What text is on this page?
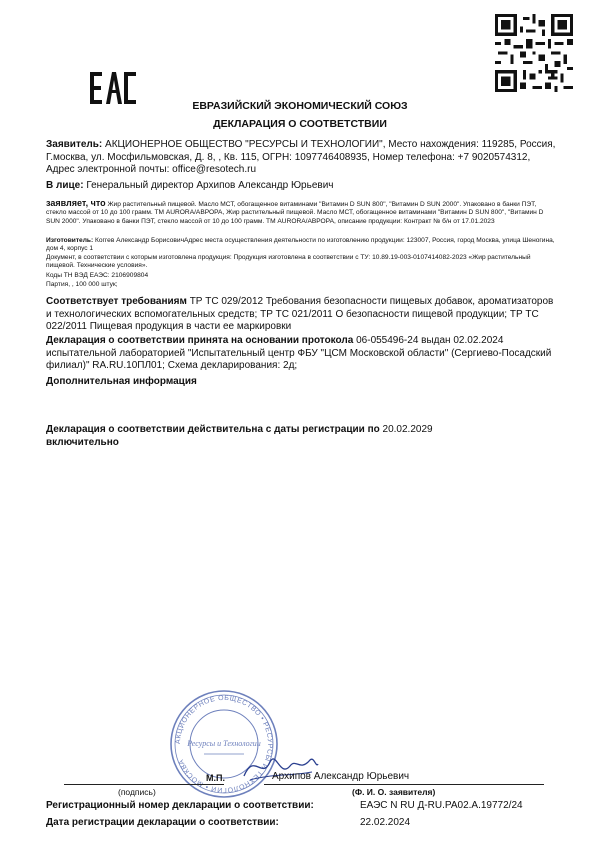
ЕВРАЗИЙСКИЙ ЭКОНОМИЧЕСКИЙ СОЮЗ
ДЕКЛАРАЦИЯ О СООТВЕТСТВИИ
Заявитель: АКЦИОНЕРНОЕ ОБЩЕСТВО "РЕСУРСЫ И ТЕХНОЛОГИИ", Место нахождения: 119285, Россия, Г.москва, ул. Мосфильмовская, Д. 8, , Кв. 115, ОГРН: 1097746408935, Номер телефона: +7 9020574312, Адрес электронной почты: office@resotech.ru
В лице: Генеральный директор Архипов Александр Юрьевич
заявляет, что Жир растительный пищевой. Масло МСТ, обогащенное витаминами "Витамин D SUN 800", "Витамин D SUN 2000". Упаковано в банки ПЭТ, стекло массой от 10 до 100 грамм. ТМ AURORA/АВРОРА, Жир растительный пищевой. Масло МСТ, обогащенное витаминами "Витамин D SUN 800", "Витамин D SUN 2000". Упаковано в банки ПЭТ, стекло массой от 10 до 100 грамм. ТМ AURORA/АВРОРА, описание продукции: Контракт № б/н от 17.01.2023
Изготовитель: Коггев Александр БорисовичАдрес места осуществления деятельности по изготовлению продукции: 123007, Россия, город Москва, улица Шеногина, дом 4, корпус 1
Документ, в соответствии с которым изготовлена продукция: Продукция изготовлена в соответствии с ТУ: 10.89.19-003-0107414082-2023 «Жир растительный пищевой. Технические условия».
Коды ТН ВЭД ЕАЭС: 2106909804
Партия, , 100 000 штук;
Соответствует требованиям ТР ТС 029/2012 Требования безопасности пищевых добавок, ароматизаторов и технологических вспомогательных средств; ТР ТС 021/2011 О безопасности пищевой продукции; ТР ТС 022/2011 Пищевая продукция в части ее маркировки
Декларация о соответствии принята на основании протокола 06-055496-24 выдан 02.02.2024 испытательной лабораторией "Испытательный центр ФБУ "ЦСМ Московской области" (Сергиево-Посадский филиал)" RA.RU.10ПЛ01; Схема декларирования: 2д;
Дополнительная информация
Декларация о соответствии действительна с даты регистрации по 20.02.2029
включительно
АКЦИОНЕРНОЕ ОБЩЕСТВО • РЕСУРСЫ И ТЕХНОЛОГИИ • МОСКВА
Ресурсы и Технологии
М.П.	Архипов Александр Юрьевич
(подпись)	(Ф. И. О. заявителя)
Регистрационный номер декларации о соответствии:	ЕАЭС N RU Д-RU.РА02.А.19772/24
Дата регистрации декларации о соответствии:	22.02.2024
